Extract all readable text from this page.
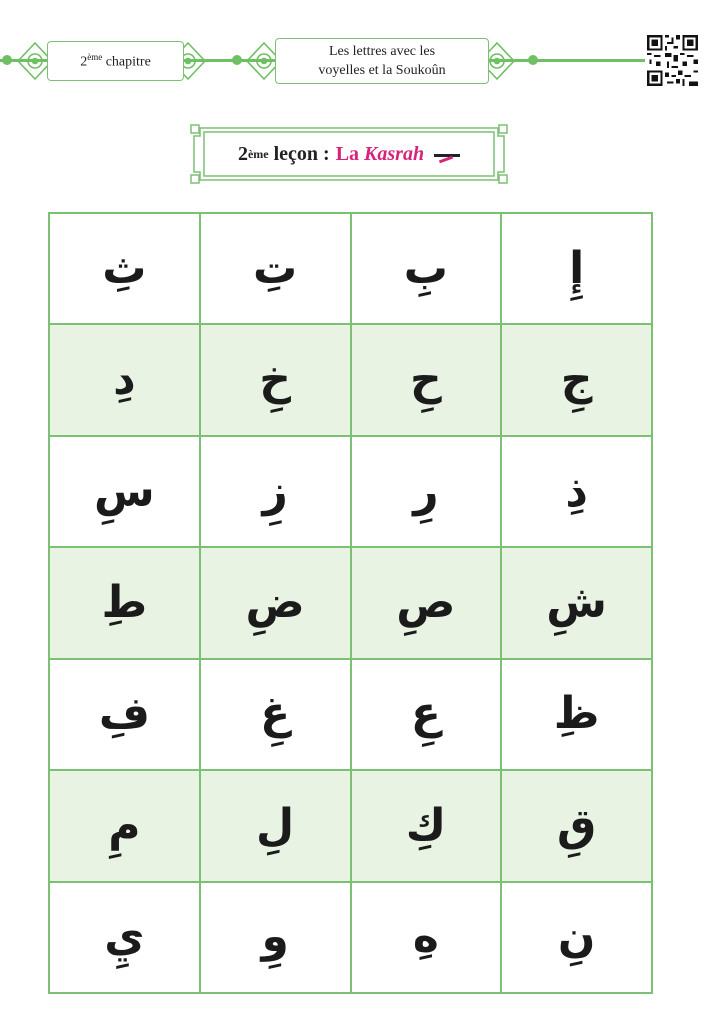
2ème chapitre
Les lettres avec les
voyelles et la Soukoûn
2 ème
leçon : La Kasrah
ثِ	تِ	بِ	إِ
دِ	خِ	حِ	جِ
سِ	زِ	رِ	ذِ
طِ	ضِ	صِ	شِ
فِ	غِ	عِ	ظِ
مِ	لِ	كِ	قِ
يِ	وِ	هِ	نِ
